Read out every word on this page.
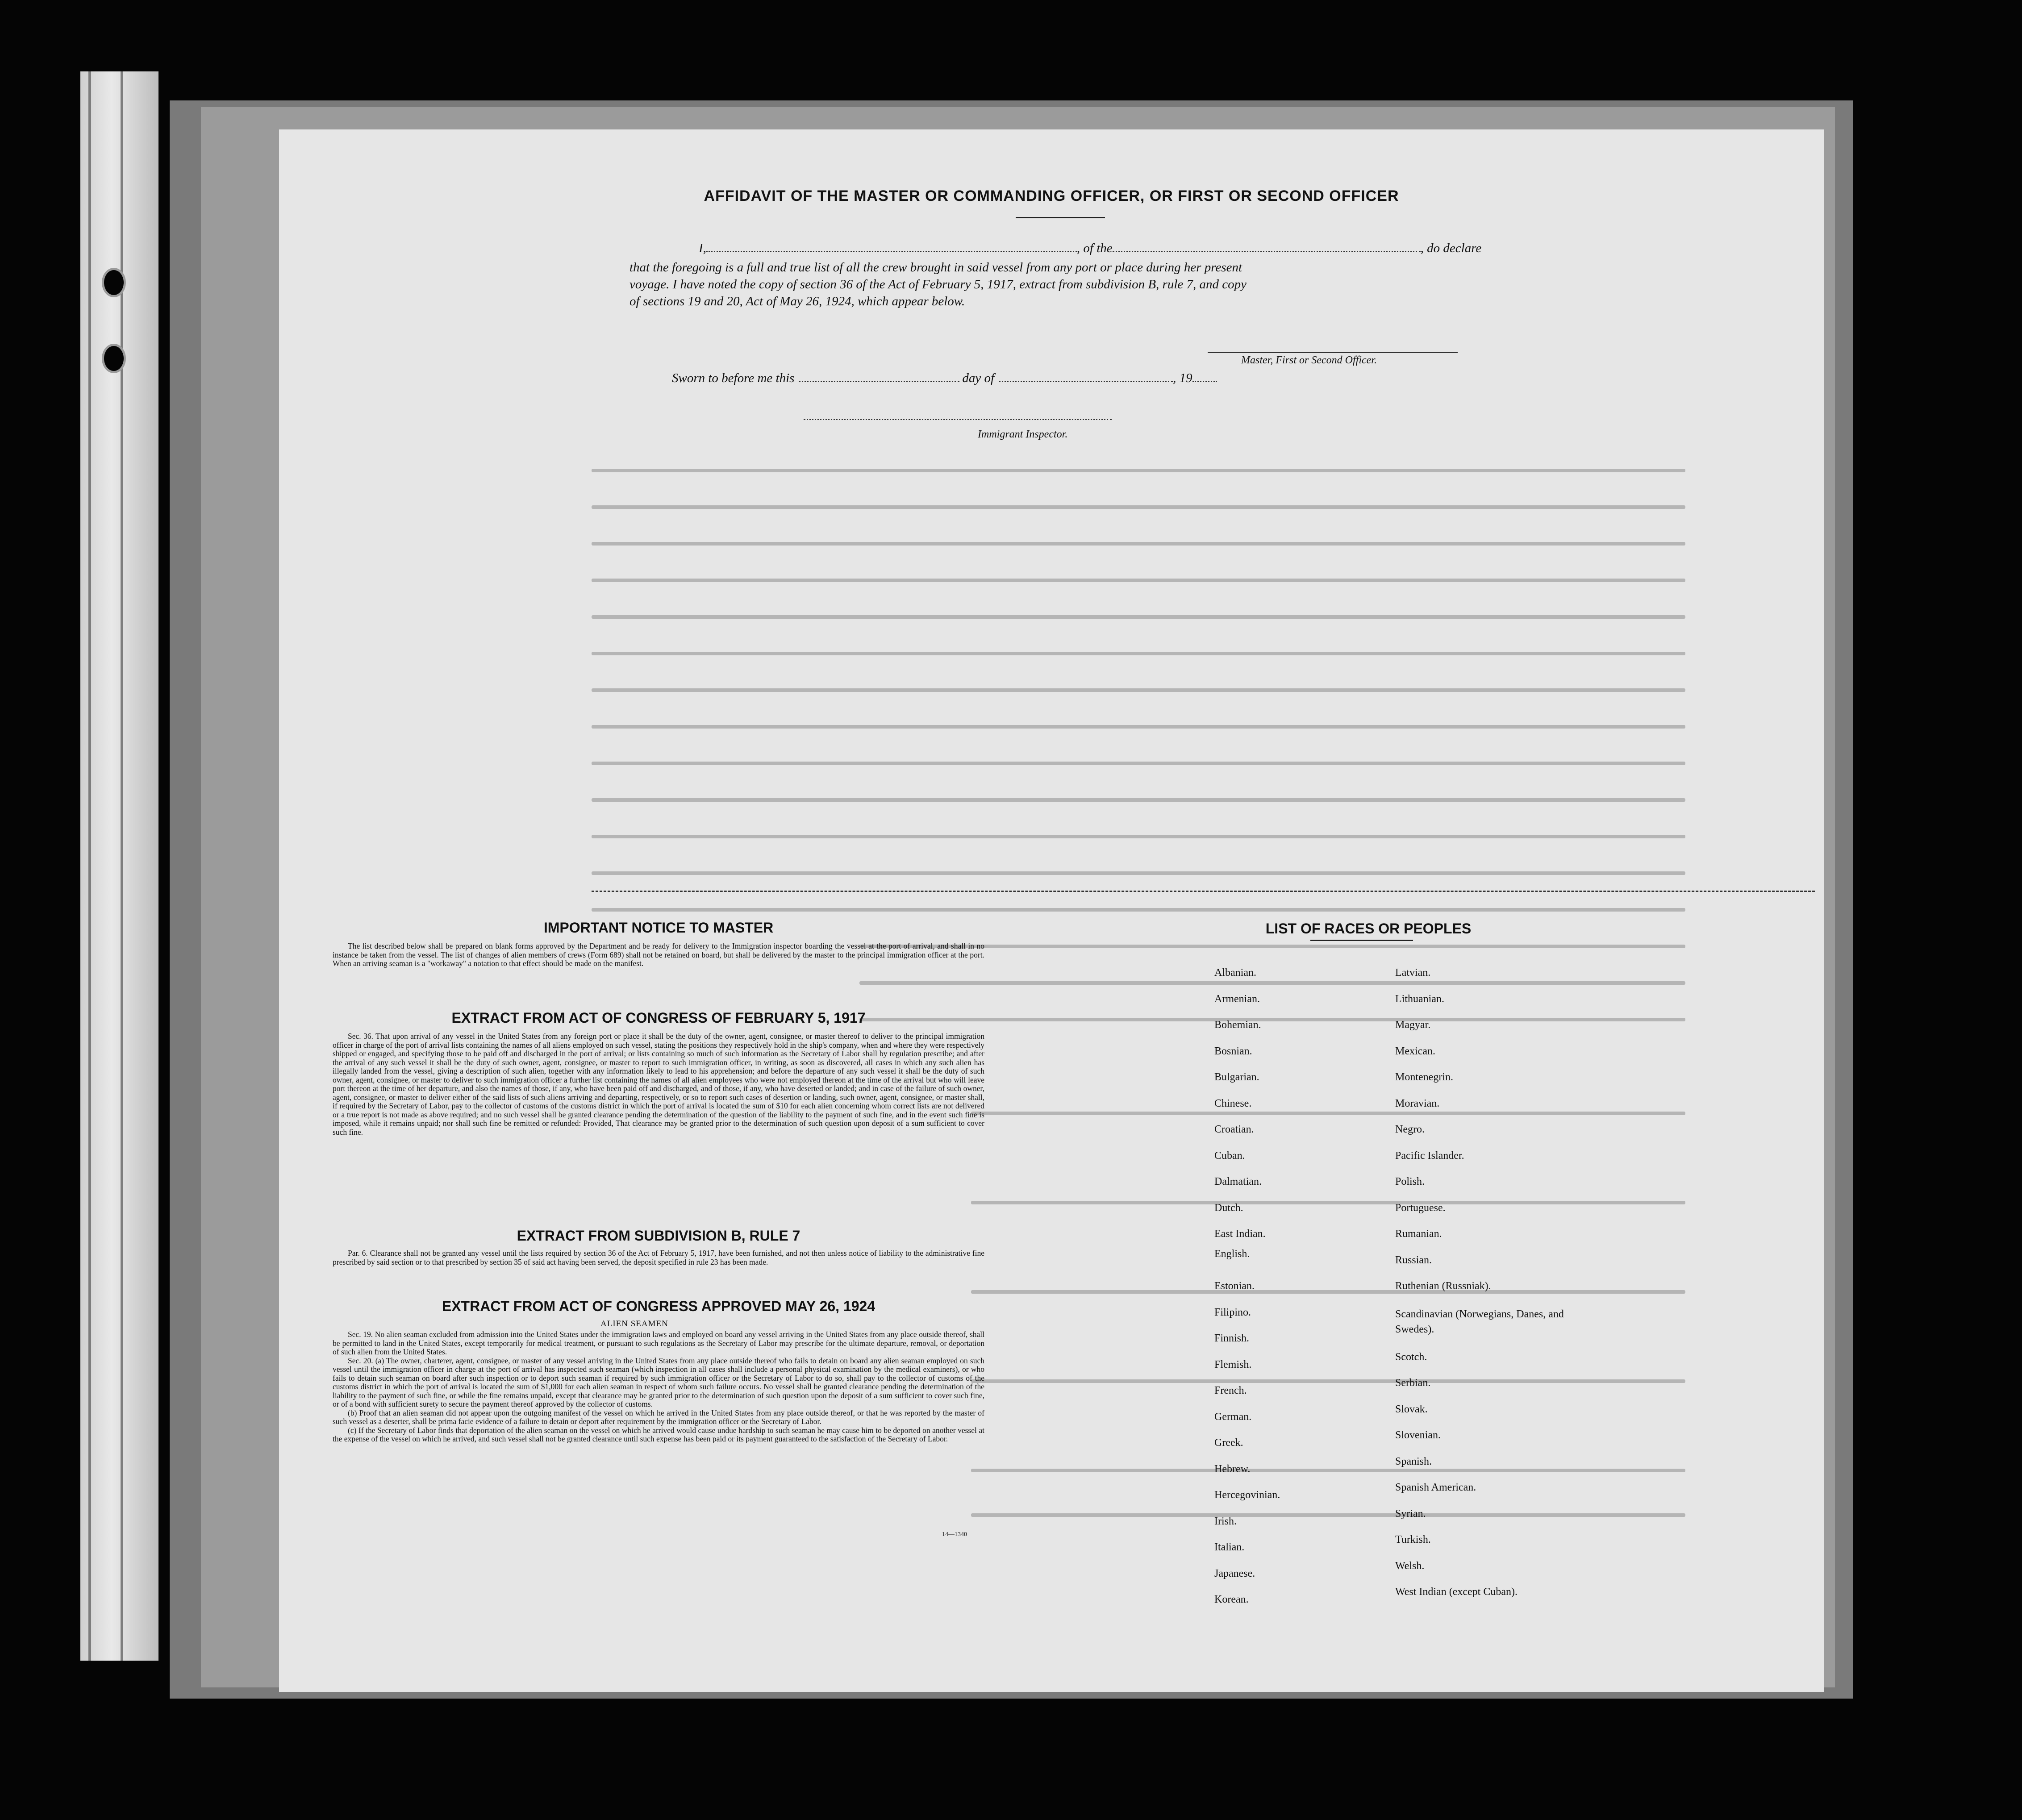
AFFIDAVIT OF THE MASTER OR COMMANDING OFFICER, OR FIRST OR SECOND OFFICER
I,	, of the	, do declare
that the foregoing is a full and true list of all the crew brought in said vessel from any port or place during her present
voyage. I have noted the copy of section 36 of the Act of February 5, 1917, extract from subdivision B, rule 7, and copy
of sections 19 and 20, Act of May 26, 1924, which appear below.
Master, First or Second Officer.
Sworn to before me this	day of	, 19
Immigrant Inspector.
IMPORTANT NOTICE TO MASTER

The list described below shall be prepared on blank forms approved by the Department and be ready for delivery to the Immigration inspector boarding the vessel at the port of arrival, and shall in no instance be taken from the vessel. The list of changes of alien members of crews (Form 689) shall not be retained on board, but shall be delivered by the master to the principal immigration officer at the port. When an arriving seaman is a "workaway" a notation to that effect should be made on the manifest.

EXTRACT FROM ACT OF CONGRESS OF FEBRUARY 5, 1917

Sec. 36. That upon arrival of any vessel in the United States from any foreign port or place it shall be the duty of the owner, agent, consignee, or master thereof to deliver to the principal immigration officer in charge of the port of arrival lists containing the names of all aliens employed on such vessel, stating the positions they respectively hold in the ship's company, when and where they were respectively shipped or engaged, and specifying those to be paid off and discharged in the port of arrival; or lists containing so much of such information as the Secretary of Labor shall by regulation prescribe; and after the arrival of any such vessel it shall be the duty of such owner, agent, consignee, or master to report to such immigration officer, in writing, as soon as discovered, all cases in which any such alien has illegally landed from the vessel, giving a description of such alien, together with any information likely to lead to his apprehension; and before the departure of any such vessel it shall be the duty of such owner, agent, consignee, or master to deliver to such immigration officer a further list containing the names of all alien employees who were not employed thereon at the time of the arrival but who will leave port thereon at the time of her departure, and also the names of those, if any, who have been paid off and discharged, and of those, if any, who have deserted or landed; and in case of the failure of such owner, agent, consignee, or master to deliver either of the said lists of such aliens arriving and departing, respectively, or so to report such cases of desertion or landing, such owner, agent, consignee, or master shall, if required by the Secretary of Labor, pay to the collector of customs of the customs district in which the port of arrival is located the sum of $10 for each alien concerning whom correct lists are not delivered or a true report is not made as above required; and no such vessel shall be granted clearance pending the determination of the question of the liability to the payment of such fine, and in the event such fine is imposed, while it remains unpaid; nor shall such fine be remitted or refunded: Provided, That clearance may be granted prior to the determination of such question upon deposit of a sum sufficient to cover such fine.

EXTRACT FROM SUBDIVISION B, RULE 7

Par. 6. Clearance shall not be granted any vessel until the lists required by section 36 of the Act of February 5, 1917, have been furnished, and not then unless notice of liability to the administrative fine prescribed by said section or to that prescribed by section 35 of said act having been served, the deposit specified in rule 23 has been made.

EXTRACT FROM ACT OF CONGRESS APPROVED MAY 26, 1924
ALIEN SEAMEN

Sec. 19. No alien seaman excluded from admission into the United States under the immigration laws and employed on board any vessel arriving in the United States from any place outside thereof, shall be permitted to land in the United States, except temporarily for medical treatment, or pursuant to such regulations as the Secretary of Labor may prescribe for the ultimate departure, removal, or deportation of such alien from the United States.

Sec. 20. (a) The owner, charterer, agent, consignee, or master of any vessel arriving in the United States from any place outside thereof who fails to detain on board any alien seaman employed on such vessel until the immigration officer in charge at the port of arrival has inspected such seaman (which inspection in all cases shall include a personal physical examination by the medical examiners), or who fails to detain such seaman on board after such inspection or to deport such seaman if required by such immigration officer or the Secretary of Labor to do so, shall pay to the collector of customs of the customs district in which the port of arrival is located the sum of $1,000 for each alien seaman in respect of whom such failure occurs. No vessel shall be granted clearance pending the determination of the liability to the payment of such fine, or while the fine remains unpaid, except that clearance may be granted prior to the determination of such question upon the deposit of a sum sufficient to cover such fine, or of a bond with sufficient surety to secure the payment thereof approved by the collector of customs.

(b) Proof that an alien seaman did not appear upon the outgoing manifest of the vessel on which he arrived in the United States from any place outside thereof, or that he was reported by the master of such vessel as a deserter, shall be prima facie evidence of a failure to detain or deport after requirement by the immigration officer or the Secretary of Labor.

(c) If the Secretary of Labor finds that deportation of the alien seaman on the vessel on which he arrived would cause undue hardship to such seaman he may cause him to be deported on another vessel at the expense of the vessel on which he arrived, and such vessel shall not be granted clearance until such expense has been paid or its payment guaranteed to the satisfaction of the Secretary of Labor.

14—1340
LIST OF RACES OR PEOPLES
Albanian.
Armenian.
Bohemian.
Bosnian.
Bulgarian.
Chinese.
Croatian.
Cuban.
Dalmatian.
Dutch.
East Indian.
English.
Estonian.
Filipino.
Finnish.
Flemish.
French.
German.
Greek.
Hebrew.
Hercegovinian.
Irish.
Italian.
Japanese.
Korean.
Latvian.
Lithuanian.
Magyar.
Mexican.
Montenegrin.
Moravian.
Negro.
Pacific Islander.
Polish.
Portuguese.
Rumanian.
Russian.
Ruthenian (Russniak).
Scandinavian (Norwegians, Danes, and Swedes).
Scotch.
Serbian.
Slovak.
Slovenian.
Spanish.
Spanish American.
Syrian.
Turkish.
Welsh.
West Indian (except Cuban).
